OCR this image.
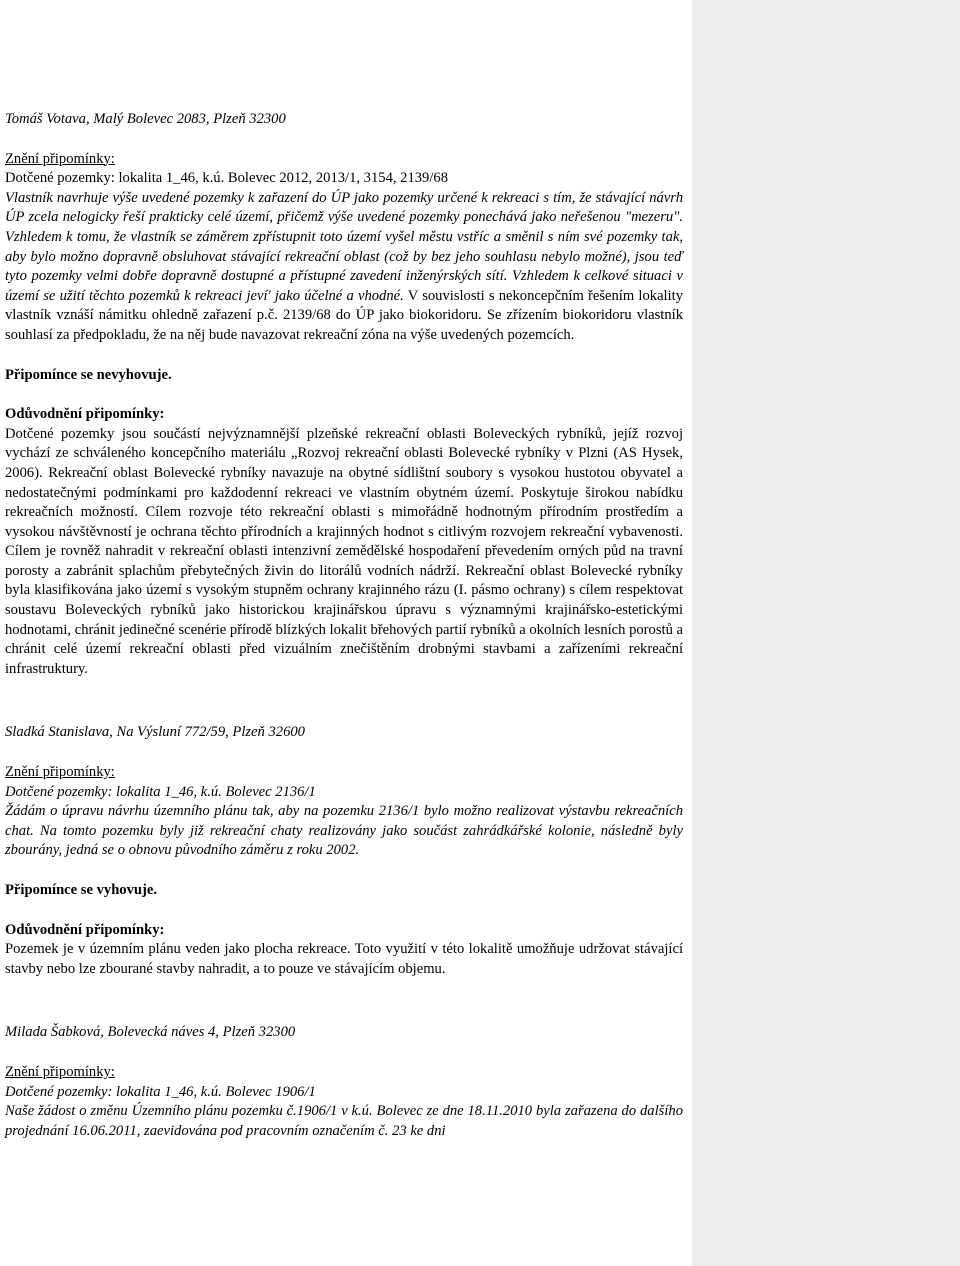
Tomáš Votava, Malý Bolevec 2083, Plzeň 32300

Znění připomínky:

Dotčené pozemky: lokalita 1_46, k.ú. Bolevec 2012, 2013/1, 3154, 2139/68

Vlastník navrhuje výše uvedené pozemky k zařazení do ÚP jako pozemky určené k rekreaci s tím, že stávající návrh ÚP zcela nelogicky řeší prakticky celé území, přičemž výše uvedené pozemky ponechává jako neřešenou "mezeru". Vzhledem k tomu, že vlastník se záměrem zpřístupnit toto území vyšel městu vstříc a směnil s ním své pozemky tak, aby bylo možno dopravně obsluhovat stávající rekreační oblast (což by bez jeho souhlasu nebylo možné), jsou teď tyto pozemky velmi dobře dopravně dostupné a přístupné zavedení inženýrských sítí. Vzhledem k celkové situaci v území se užití těchto pozemků k rekreaci jeví' jako účelné a vhodné. V souvislosti s nekoncepčním řešením lokality vlastník vznáší námitku ohledně zařazení p.č. 2139/68 do ÚP jako biokoridoru. Se zřízením biokoridoru vlastník souhlasí za předpokladu, že na něj bude navazovat rekreační zóna na výše uvedených pozemcích.

Připomínce se nevyhovuje.

Odůvodnění připomínky:

Dotčené pozemky jsou součástí nejvýznamnější plzeňské rekreační oblasti Boleveckých rybníků, jejíž rozvoj vychází ze schváleného koncepčního materiálu „Rozvoj rekreační oblasti Bolevecké rybníky v Plzni (AS Hysek, 2006). Rekreační oblast Bolevecké rybníky navazuje na obytné sídlištní soubory s vysokou hustotou obyvatel a nedostatečnými podmínkami pro každodenní rekreaci ve vlastním obytném území. Poskytuje širokou nabídku rekreačních možností. Cílem rozvoje této rekreační oblasti s mimořádně hodnotným přírodním prostředím a vysokou návštěvností je ochrana těchto přírodních a krajinných hodnot s citlivým rozvojem rekreační vybavenosti. Cílem je rovněž nahradit v rekreační oblasti intenzivní zemědělské hospodaření převedením orných půd na travní porosty a zabránit splachům přebytečných živin do litorálů vodních nádrží. Rekreační oblast Bolevecké rybníky byla klasifikována jako území s vysokým stupněm ochrany krajinného rázu (I. pásmo ochrany) s cílem respektovat soustavu Boleveckých rybníků jako historickou krajinářskou úpravu s významnými krajinářsko-estetickými hodnotami, chránit jedinečné scenérie přírodě blízkých lokalit břehových partií rybníků a okolních lesních porostů a chránit celé území rekreační oblasti před vizuálním znečištěním drobnými stavbami a zařízeními rekreační infrastruktury.

Sladká Stanislava, Na Výsluní 772/59, Plzeň 32600

Znění připomínky:

Dotčené pozemky: lokalita 1_46, k.ú. Bolevec 2136/1

Žádám o úpravu návrhu územního plánu tak, aby na pozemku 2136/1 bylo možno realizovat výstavbu rekreačních chat. Na tomto pozemku byly již rekreační chaty realizovány jako součást zahrádkářské kolonie, následně byly zbourány, jedná se o obnovu původního záměru z roku 2002.

Připomínce se vyhovuje.

Odůvodnění připomínky:

Pozemek je v územním plánu veden jako plocha rekreace. Toto využití v této lokalitě umožňuje udržovat stávající stavby nebo lze zbourané stavby nahradit, a to pouze ve stávajícím objemu.

Milada Šabková, Bolevecká náves 4, Plzeň 32300

Znění připomínky:

Dotčené pozemky: lokalita 1_46, k.ú. Bolevec 1906/1

Naše žádost o změnu Územního plánu pozemku č.1906/1 v k.ú. Bolevec ze dne 18.11.2010 byla zařazena do dalšího projednání 16.06.2011, zaevidována pod pracovním označením č. 23 ke dni
